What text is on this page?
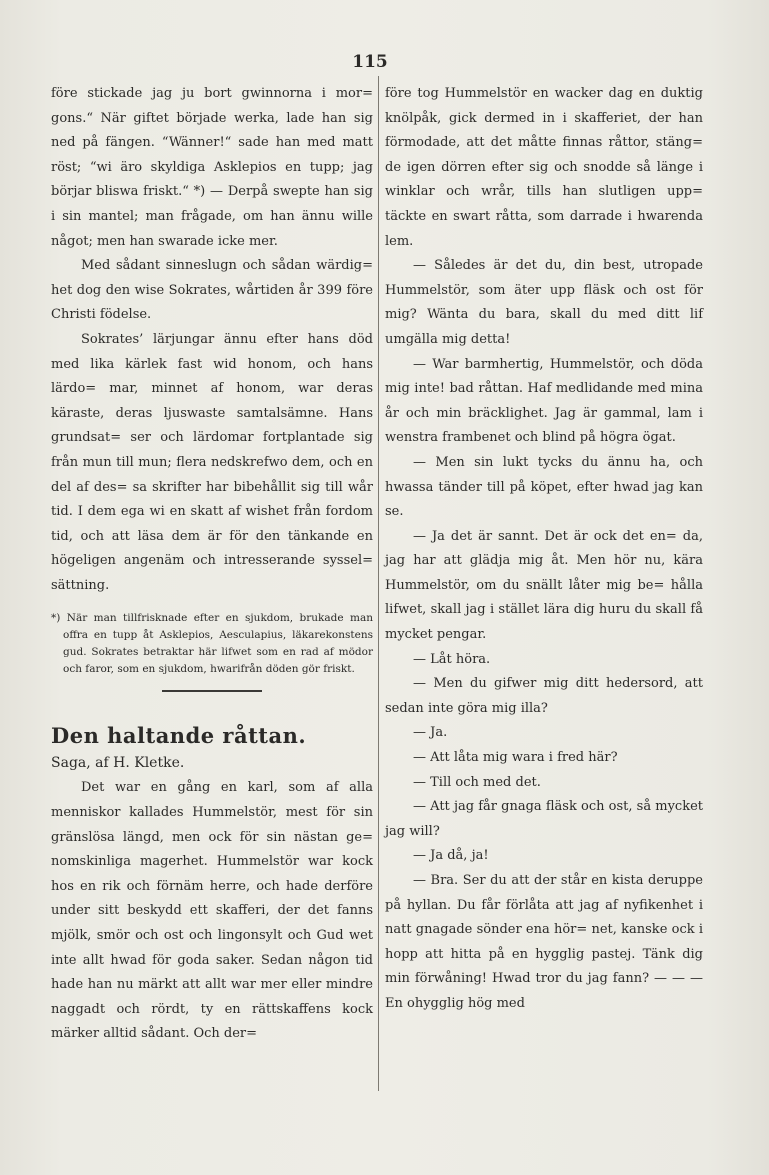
115

före stickade jag ju bort gwinnorna i mor= gons.“ När giftet började werka, lade han sig ned på fängen. “Wänner!“ sade han med matt röst; “wi äro skyldiga Asklepios en tupp; jag börjar bliswa friskt.“ *) — Derpå swepte han sig i sin mantel; man frågade, om han ännu wille något; men han swarade icke mer.

Med sådant sinneslugn och sådan wärdig= het dog den wise Sokrates, wårtiden år 399 före Christi födelse.

Sokrates’ lärjungar ännu efter hans död med lika kärlek fast wid honom, och hans lärdo= mar, minnet af honom, war deras käraste, deras ljuswaste samtalsämne. Hans grundsat= ser och lärdomar fortplantade sig från mun till mun; flera nedskrefwo dem, och en del af des= sa skrifter har bibehållit sig till wår tid. I dem ega wi en skatt af wishet från fordom tid, och att läsa dem är för den tänkande en högeligen angenäm och intresserande syssel= sättning.

*) När man tillfrisknade efter en sjukdom, brukade man offra en tupp åt Asklepios, Aesculapius, läkarekonstens gud. Sokrates betraktar här lifwet som en rad af mödor och faror, som en sjukdom, hwarifrån döden gör friskt.

Den haltande råttan.

Saga, af H. Kletke.

Det war en gång en karl, som af alla menniskor kallades Hummelstör, mest för sin gränslösa längd, men ock för sin nästan ge= nomskinliga magerhet. Hummelstör war kock hos en rik och förnäm herre, och hade derföre under sitt beskydd ett skafferi, der det fanns mjölk, smör och ost och lingonsylt och Gud wet inte allt hwad för goda saker. Sedan någon tid hade han nu märkt att allt war mer eller mindre naggadt och rördt, ty en rättskaffens kock märker alltid sådant. Och der=

före tog Hummelstör en wacker dag en duktig knölpåk, gick dermed in i skafferiet, der han förmodade, att det måtte finnas råttor, stäng= de igen dörren efter sig och snodde så länge i winklar och wrår, tills han slutligen upp= täckte en swart råtta, som darrade i hwarenda lem.

— Således är det du, din best, utropade Hummelstör, som äter upp fläsk och ost för mig? Wänta du bara, skall du med ditt lif umgälla mig detta!

— War barmhertig, Hummelstör, och döda mig inte! bad råttan. Haf medlidande med mina år och min bräcklighet. Jag är gammal, lam i wenstra frambenet och blind på högra ögat.

— Men sin lukt tycks du ännu ha, och hwassa tänder till på köpet, efter hwad jag kan se.

— Ja det är sannt. Det är ock det en= da, jag har att glädja mig åt. Men hör nu, kära Hummelstör, om du snällt låter mig be= hålla lifwet, skall jag i stället lära dig huru du skall få mycket pengar.

— Låt höra.

— Men du gifwer mig ditt hedersord, att sedan inte göra mig illa?

— Ja.

— Att låta mig wara i fred här?

— Till och med det.

— Att jag får gnaga fläsk och ost, så mycket jag will?

— Ja då, ja!

— Bra. Ser du att der står en kista deruppe på hyllan. Du får förlåta att jag af nyfikenhet i natt gnagade sönder ena hör= net, kanske ock i hopp att hitta på en hygglig pastej. Tänk dig min förwåning! Hwad tror du jag fann? — — — En ohygglig hög med
